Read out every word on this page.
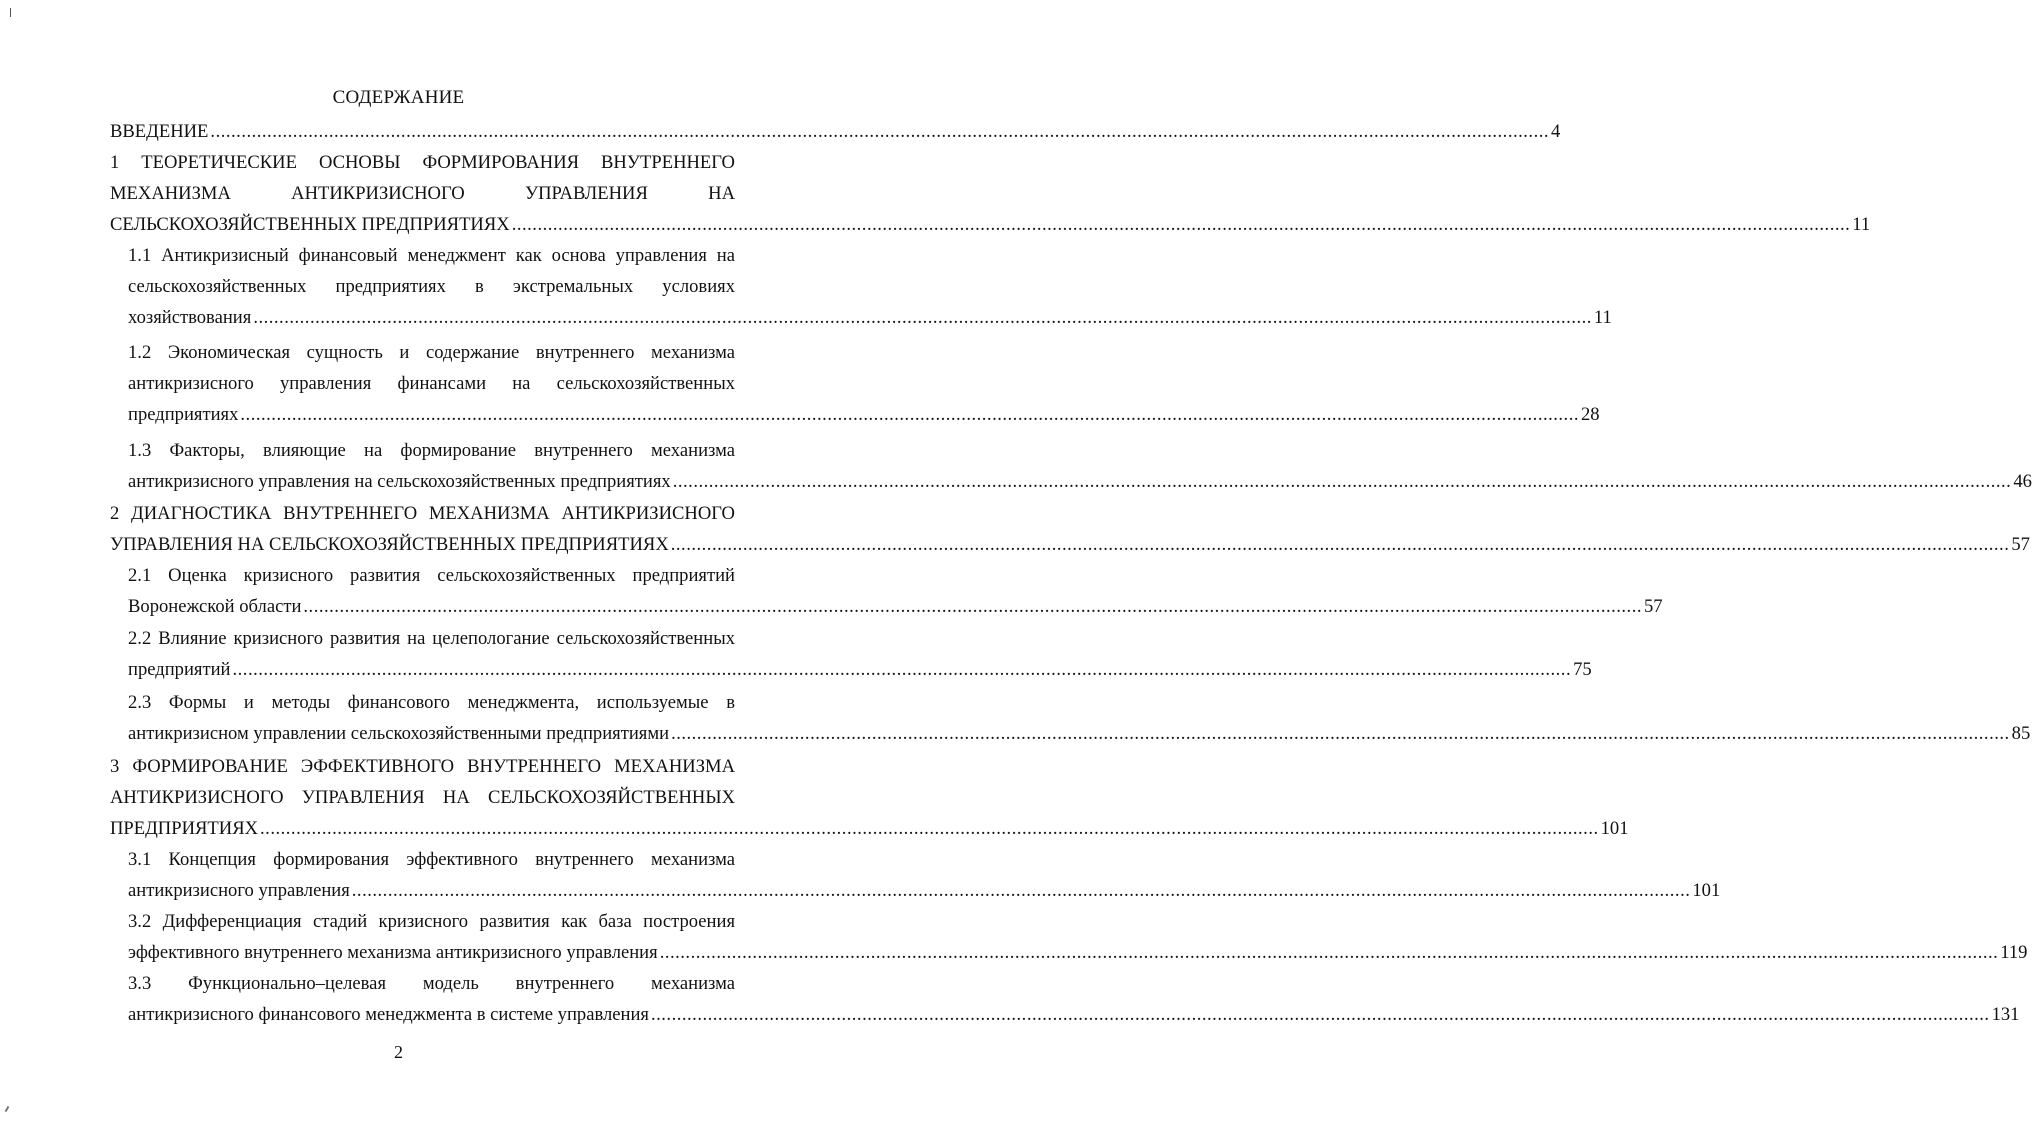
СОДЕРЖАНИЕ
ВВЕДЕНИЕ .................................................................................................................................................................................................................................................................... 4
1 ТЕОРЕТИЧЕСКИЕ ОСНОВЫ ФОРМИРОВАНИЯ ВНУТРЕННЕГО
МЕХАНИЗМА АНТИКРИЗИСНОГО УПРАВЛЕНИЯ НА
СЕЛЬСКОХОЗЯЙСТВЕННЫХ ПРЕДПРИЯТИЯХ .................................................................................................................................................................................................................................................................... 11
1.1 Антикризисный финансовый менеджмент как основа управления на
сельскохозяйственных предприятиях в экстремальных условиях
хозяйствования .................................................................................................................................................................................................................................................................... 11
1.2 Экономическая сущность и содержание внутреннего механизма
антикризисного управления финансами на сельскохозяйственных
предприятиях .................................................................................................................................................................................................................................................................... 28
1.3 Факторы, влияющие на формирование внутреннего механизма
антикризисного управления на сельскохозяйственных предприятиях .................................................................................................................................................................................................................................................................... 46
2 ДИАГНОСТИКА ВНУТРЕННЕГО МЕХАНИЗМА АНТИКРИЗИСНОГО
УПРАВЛЕНИЯ НА СЕЛЬСКОХОЗЯЙСТВЕННЫХ ПРЕДПРИЯТИЯХ .................................................................................................................................................................................................................................................................... 57
2.1 Оценка кризисного развития сельскохозяйственных предприятий
Воронежской области .................................................................................................................................................................................................................................................................... 57
2.2 Влияние кризисного развития на целепологание сельскохозяйственных
предприятий .................................................................................................................................................................................................................................................................... 75
2.3 Формы и методы финансового менеджмента, используемые в
антикризисном управлении сельскохозяйственными предприятиями .................................................................................................................................................................................................................................................................... 85
3 ФОРМИРОВАНИЕ ЭФФЕКТИВНОГО ВНУТРЕННЕГО МЕХАНИЗМА
АНТИКРИЗИСНОГО УПРАВЛЕНИЯ НА СЕЛЬСКОХОЗЯЙСТВЕННЫХ
ПРЕДПРИЯТИЯХ .................................................................................................................................................................................................................................................................... 101
3.1 Концепция формирования эффективного внутреннего механизма
антикризисного управления .................................................................................................................................................................................................................................................................... 101
3.2 Дифференциация стадий кризисного развития как база построения
эффективного внутреннего механизма антикризисного управления .................................................................................................................................................................................................................................................................... 119
3.3 Функционально–целевая модель внутреннего механизма
антикризисного финансового менеджмента в системе управления .................................................................................................................................................................................................................................................................... 131
2
